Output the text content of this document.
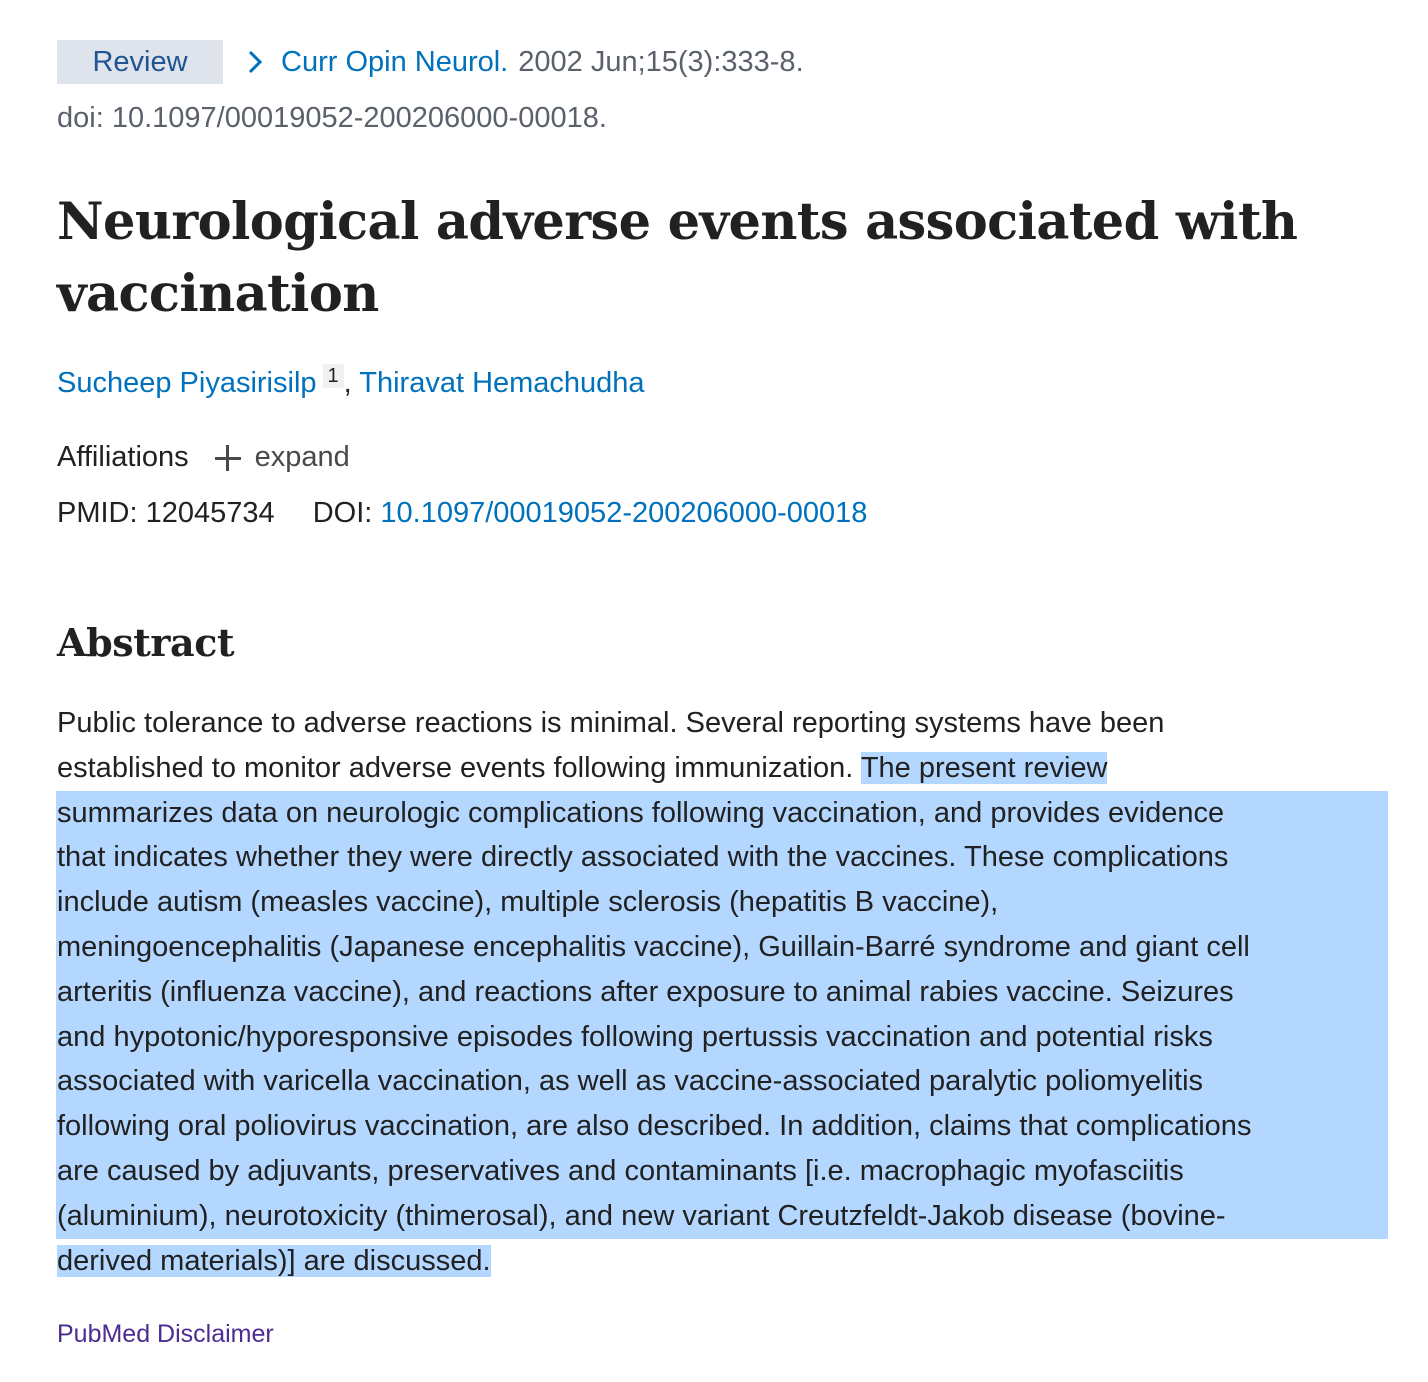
Review	Curr Opin Neurol. 2002 Jun;15(3):333-8.
doi: 10.1097/00019052-200206000-00018.
Neurological adverse events associated with vaccination
Sucheep Piyasirisilp 1 , Thiravat Hemachudha
Affiliations expand
PMID: 12045734 DOI: 10.1097/00019052-200206000-00018
Abstract
Public tolerance to adverse reactions is minimal. Several reporting systems have been
established to monitor adverse events following immunization. The present review
summarizes data on neurologic complications following vaccination, and provides evidence
that indicates whether they were directly associated with the vaccines. These complications
include autism (measles vaccine), multiple sclerosis (hepatitis B vaccine),
meningoencephalitis (Japanese encephalitis vaccine), Guillain-Barré syndrome and giant cell
arteritis (influenza vaccine), and reactions after exposure to animal rabies vaccine. Seizures
and hypotonic/hyporesponsive episodes following pertussis vaccination and potential risks
associated with varicella vaccination, as well as vaccine-associated paralytic poliomyelitis
following oral poliovirus vaccination, are also described. In addition, claims that complications
are caused by adjuvants, preservatives and contaminants [i.e. macrophagic myofasciitis
(aluminium), neurotoxicity (thimerosal), and new variant Creutzfeldt-Jakob disease (bovine-
derived materials)] are discussed.
PubMed Disclaimer
